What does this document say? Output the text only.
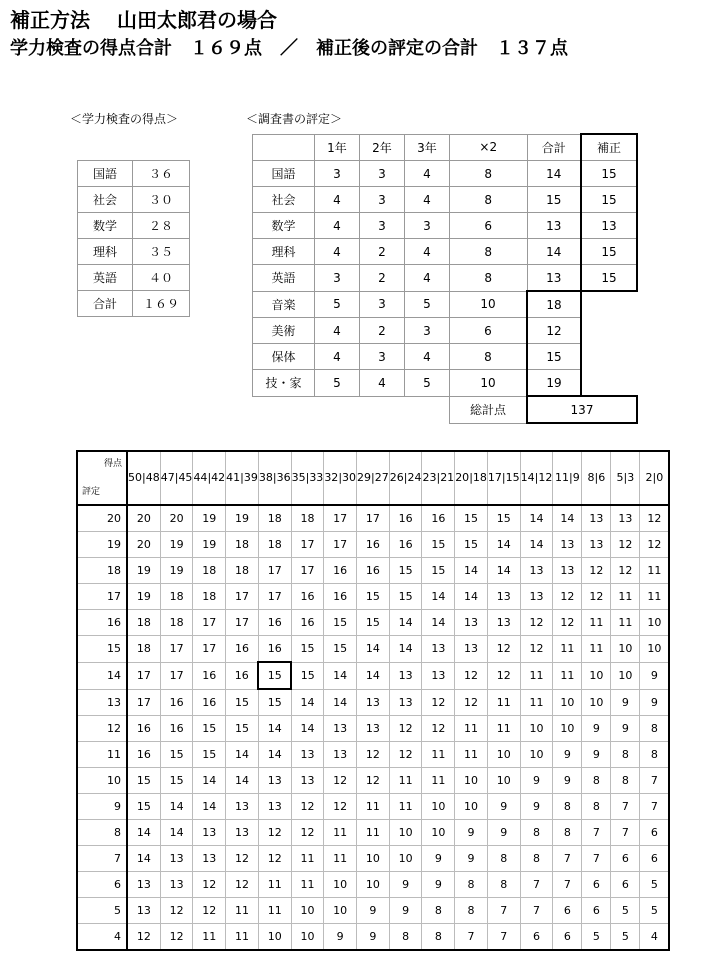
補正方法　 山田太郎君の場合
学力検査の得点合計　１６９点　／　補正後の評定の合計　１３７点
＜学力検査の得点＞	＜調査書の評定＞
国語	３６
社会	３０
数学	２８
理科	３５
英語	４０
合計	１６９
	1年	2年	3年	×2	合計	補正
国語	3	3	4	8	14	15
社会	4	3	4	8	15	15
数学	4	3	3	6	13	13
理科	4	2	4	8	14	15
英語	3	2	4	8	13	15
音楽	5	3	5	10	18	
美術	4	2	3	6	12	
保体	4	3	4	8	15	
技・家	5	4	5	10	19	
				総計点	137	
得点
評定	50|48	47|45	44|42	41|39	38|36	35|33	32|30	29|27	26|24	23|21	20|18	17|15	14|12	11|9	8|6	5|3	2|0
20	20	20	19	19	18	18	17	17	16	16	15	15	14	14	13	13	12
19	20	19	19	18	18	17	17	16	16	15	15	14	14	13	13	12	12
18	19	19	18	18	17	17	16	16	15	15	14	14	13	13	12	12	11
17	19	18	18	17	17	16	16	15	15	14	14	13	13	12	12	11	11
16	18	18	17	17	16	16	15	15	14	14	13	13	12	12	11	11	10
15	18	17	17	16	16	15	15	14	14	13	13	12	12	11	11	10	10
14	17	17	16	16	15	15	14	14	13	13	12	12	11	11	10	10	9
13	17	16	16	15	15	14	14	13	13	12	12	11	11	10	10	9	9
12	16	16	15	15	14	14	13	13	12	12	11	11	10	10	9	9	8
11	16	15	15	14	14	13	13	12	12	11	11	10	10	9	9	8	8
10	15	15	14	14	13	13	12	12	11	11	10	10	9	9	8	8	7
9	15	14	14	13	13	12	12	11	11	10	10	9	9	8	8	7	7
8	14	14	13	13	12	12	11	11	10	10	9	9	8	8	7	7	6
7	14	13	13	12	12	11	11	10	10	9	9	8	8	7	7	6	6
6	13	13	12	12	11	11	10	10	9	9	8	8	7	7	6	6	5
5	13	12	12	11	11	10	10	9	9	8	8	7	7	6	6	5	5
4	12	12	11	11	10	10	9	9	8	8	7	7	6	6	5	5	4
